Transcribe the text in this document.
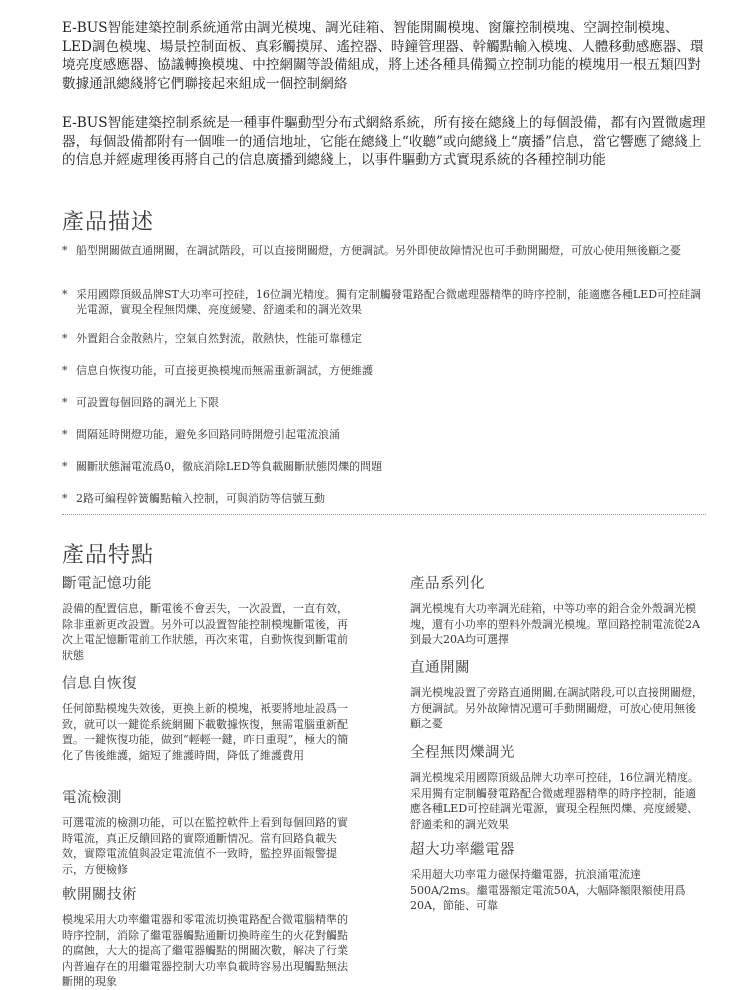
E-BUS智能建築控制系統通常由調光模塊、調光硅箱、智能開關模塊、窗簾控制模塊、空調控制模塊、LED調色模塊、場景控制面板、真彩觸摸屏、遙控器、時鐘管理器、幹觸點輸入模塊、人體移動感應器、環境亮度感應器、協議轉換模塊、中控網關等設備組成，將上述各種具備獨立控制功能的模塊用一根五類四對數據通訊總綫將它們聯接起來組成一個控制網絡

E-BUS智能建築控制系統是一種事件驅動型分布式網絡系統，所有接在總綫上的每個設備，都有內置微處理器，每個設備都附有一個唯一的通信地址，它能在總綫上“收聽”或向總綫上“廣播”信息，當它響應了總綫上的信息并經處理後再將自己的信息廣播到總綫上，以事件驅動方式實現系統的各種控制功能

產品描述
* 船型開關做直通開關，在調試階段，可以直接開關燈，方便調試。另外即使故障情況也可手動開關燈，可放心使用無後顧之憂
* 采用國際頂級品牌ST大功率可控硅，16位調光精度。獨有定制觸發電路配合微處理器精準的時序控制，能適應各種LED可控硅調光電源，實現全程無閃爍、亮度緩變、舒適柔和的調光效果
* 外置鋁合金散熱片，空氣自然對流，散熱快，性能可靠穩定
* 信息自恢復功能，可直接更換模塊而無需重新調試，方便維護
* 可設置每個回路的調光上下限
* 間隔延時開燈功能，避免多回路同時開燈引起電流浪涌
* 關斷狀態漏電流爲0，徹底消除LED等負載關斷狀態閃爍的問題
* 2路可編程幹簧觸點輸入控制，可與消防等信號互動
產品特點
斷電記憶功能

設備的配置信息，斷電後不會丟失，一次設置，一直有效，除非重新更改設置。另外可以設置智能控制模塊斷電後，再次上電記憶斷電前工作狀態，再次來電，自動恢復到斷電前狀態

信息自恢復

任何節點模塊失效後，更換上新的模塊，衹要將地址設爲一致，就可以一鍵從系統網關下載數據恢復，無需電腦重新配置。一鍵恢復功能，做到“輕輕一鍵，昨日重現”，極大的簡化了售後維護，縮短了維護時間，降低了維護費用

電流檢測

可選電流的檢測功能，可以在監控軟件上看到每個回路的實時電流，真正反饋回路的實際通斷情况。當有回路負載失效，實際電流值與設定電流值不一致時，監控界面報警提示，方便檢修

軟開關技術

模塊采用大功率繼電器和零電流切換電路配合微電腦精準的時序控制，消除了繼電器觸點通斷切換時産生的火花對觸點的腐蝕，大大的提高了繼電器觸點的開關次數，解决了行業内普遍存在的用繼電器控制大功率負載時容易出現觸點無法斷開的現象

產品系列化

調光模塊有大功率調光硅箱，中等功率的鋁合金外殼調光模塊，還有小功率的塑料外殼調光模塊。單回路控制電流從2A到最大20A均可選擇

直通開關

調光模塊設置了旁路直通開關,在調試階段,可以直接開關燈，方便調試。另外故障情况還可手動開關燈，可放心使用無後顧之憂

全程無閃爍調光

調光模塊采用國際頂級品牌大功率可控硅，16位調光精度。采用獨有定制觸發電路配合微處理器精準的時序控制，能適應各種LED可控硅調光電源，實現全程無閃爍、亮度緩變、舒適柔和的調光效果

超大功率繼電器

采用超大功率電力磁保持繼電器，抗浪涌電流達500A/2ms。繼電器額定電流50A，大幅降額限額使用爲20A，節能、可靠
